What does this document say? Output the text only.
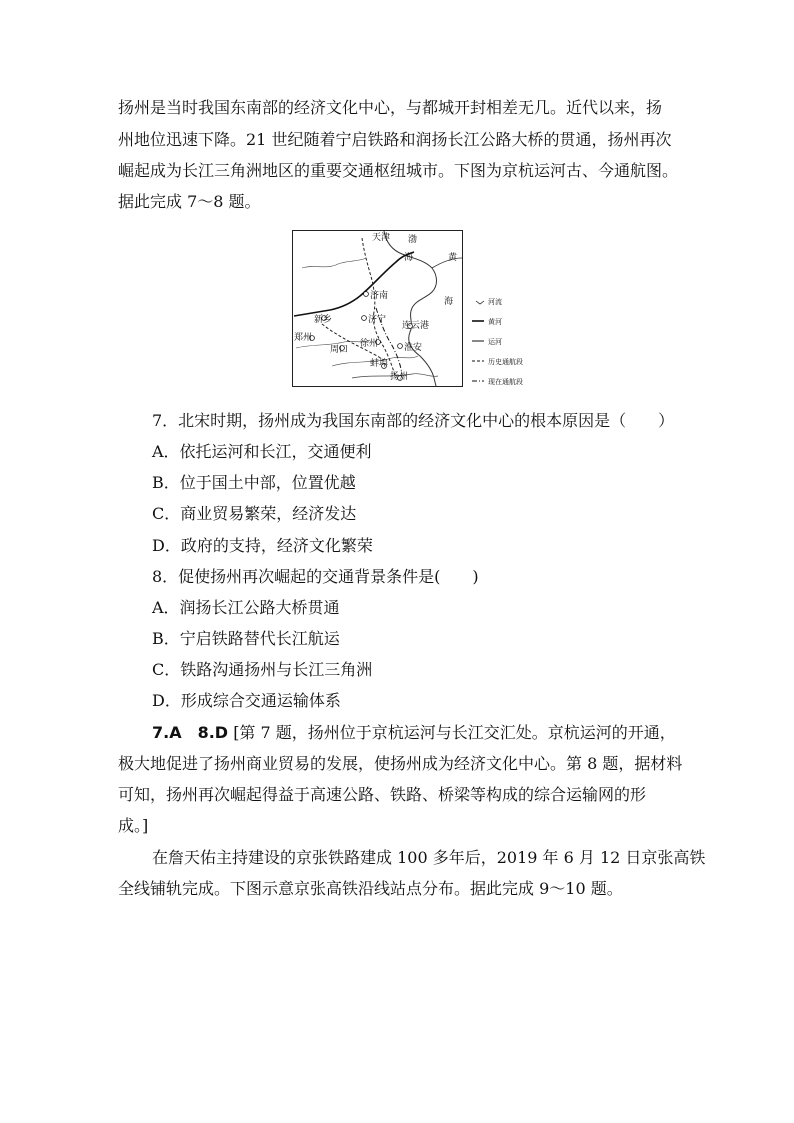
扬州是当时我国东南部的经济文化中心，与都城开封相差无几。近代以来，扬
州地位迅速下降。21 世纪随着宁启铁路和润扬长江公路大桥的贯通，扬州再次
崛起成为长江三角洲地区的重要交通枢纽城市。下图为京杭运河古、今通航图。
据此完成 7～8 题。
天津 渤
海	黄
海
济南
新乡	济宁
连云港
郑州
徐州
周口	淮安
蚌埠
扬州
河流
黄河
运河
历史通航段
现在通航段
7．北宋时期，扬州成为我国东南部的经济文化中心的根本原因是（　　）
A．依托运河和长江，交通便利
B．位于国土中部，位置优越
C．商业贸易繁荣，经济发达
D．政府的支持，经济文化繁荣
8．促使扬州再次崛起的交通背景条件是(　　)
A．润扬长江公路大桥贯通
B．宁启铁路替代长江航运
C．铁路沟通扬州与长江三角洲
D．形成综合交通运输体系
7.A　8.D [第 7 题，扬州位于京杭运河与长江交汇处。京杭运河的开通，
极大地促进了扬州商业贸易的发展，使扬州成为经济文化中心。第 8 题，据材料
可知，扬州再次崛起得益于高速公路、铁路、桥梁等构成的综合运输网的形
成。]
在詹天佑主持建设的京张铁路建成 100 多年后，2019 年 6 月 12 日京张高铁
全线铺轨完成。下图示意京张高铁沿线站点分布。据此完成 9～10 题。
